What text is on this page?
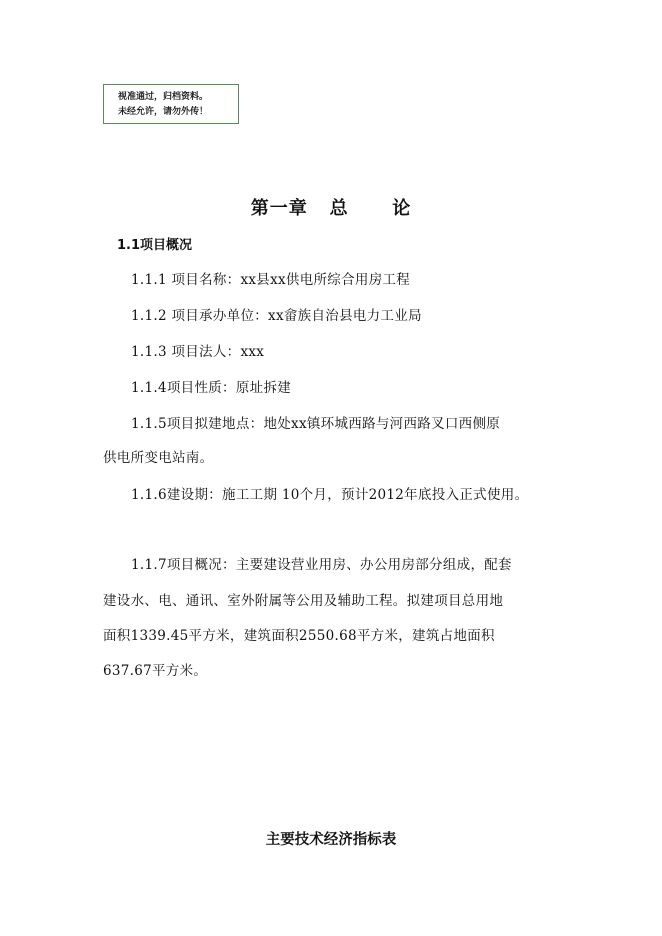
视准通过，归档资料。
未经允许，请勿外传！
第一章   总      论
1.1项目概况
1.1.1 项目名称：xx县xx供电所综合用房工程
1.1.2 项目承办单位：xx畲族自治县电力工业局
1.1.3 项目法人：xxx
1.1.4项目性质：原址拆建
1.1.5项目拟建地点：地处xx镇环城西路与河西路叉口西侧原
供电所变电站南。
1.1.6建设期：施工工期 10个月，预计2012年底投入正式使用。
1.1.7项目概况：主要建设营业用房、办公用房部分组成，配套
建设水、电、通讯、室外附属等公用及辅助工程。拟建项目总用地
面积1339.45平方米，建筑面积2550.68平方米，建筑占地面积
637.67平方米。
主要技术经济指标表
